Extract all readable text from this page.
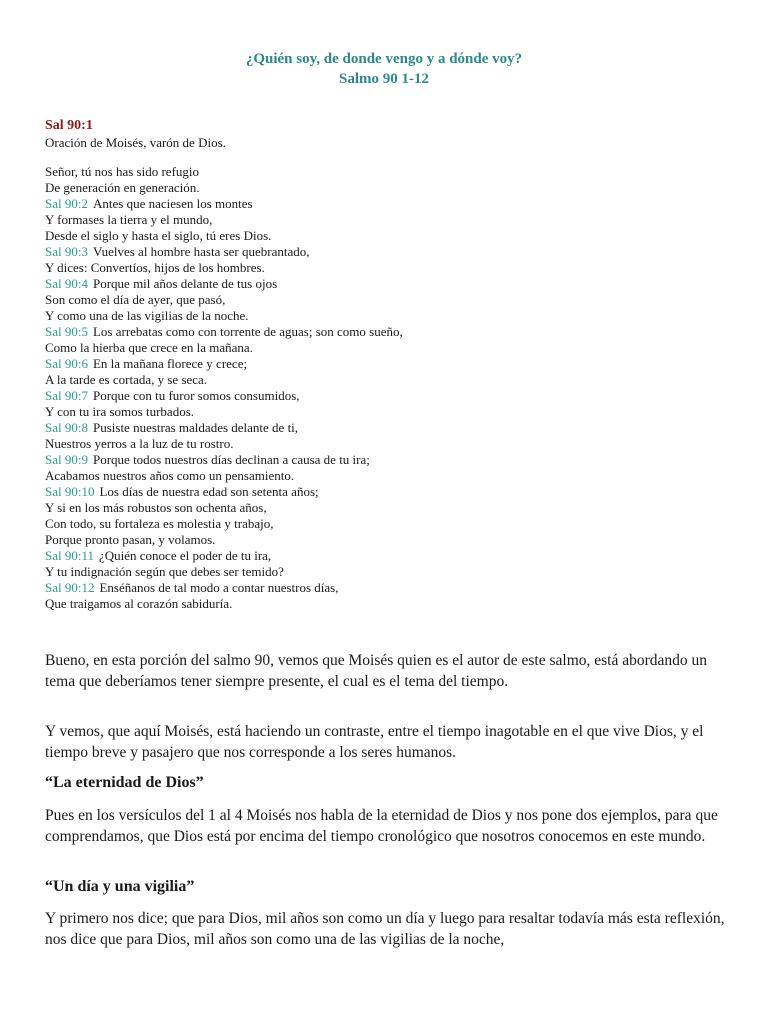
¿Quién soy, de donde vengo y a dónde voy?
Salmo 90 1-12
Sal 90:1
Oración de Moisés, varón de Dios.
Señor, tú nos has sido refugio
De generación en generación.
Sal 90:2 Antes que naciesen los montes
Y formases la tierra y el mundo,
Desde el siglo y hasta el siglo, tú eres Dios.
Sal 90:3 Vuelves al hombre hasta ser quebrantado,
Y dices: Convertíos, hijos de los hombres.
Sal 90:4 Porque mil años delante de tus ojos
Son como el día de ayer, que pasó,
Y como una de las vigilias de la noche.
Sal 90:5 Los arrebatas como con torrente de aguas; son como sueño,
Como la hierba que crece en la mañana.
Sal 90:6 En la mañana florece y crece;
A la tarde es cortada, y se seca.
Sal 90:7 Porque con tu furor somos consumidos,
Y con tu ira somos turbados.
Sal 90:8 Pusiste nuestras maldades delante de ti,
Nuestros yerros a la luz de tu rostro.
Sal 90:9 Porque todos nuestros días declinan a causa de tu ira;
Acabamos nuestros años como un pensamiento.
Sal 90:10 Los días de nuestra edad son setenta años;
Y si en los más robustos son ochenta años,
Con todo, su fortaleza es molestia y trabajo,
Porque pronto pasan, y volamos.
Sal 90:11 ¿Quién conoce el poder de tu ira,
Y tu indignación según que debes ser temido?
Sal 90:12 Enséñanos de tal modo a contar nuestros días,
Que traigamos al corazón sabiduría.

Bueno, en esta porción del salmo 90, vemos que Moisés quien es el autor de este salmo, está abordando un tema que deberíamos tener siempre presente, el cual es el tema del tiempo.

Y vemos, que aquí Moisés, está haciendo un contraste, entre el tiempo inagotable en el que vive Dios, y el tiempo breve y pasajero que nos corresponde a los seres humanos.

“La eternidad de Dios”

Pues en los versículos del 1 al 4 Moisés nos habla de la eternidad de Dios y nos pone dos ejemplos, para que comprendamos, que Dios está por encima del tiempo cronológico que nosotros conocemos en este mundo.

“Un día y una vigilia”

Y primero nos dice; que para Dios, mil años son como un día y luego para resaltar todavía más esta reflexión, nos dice que para Dios, mil años son como una de las vigilias de la noche,
